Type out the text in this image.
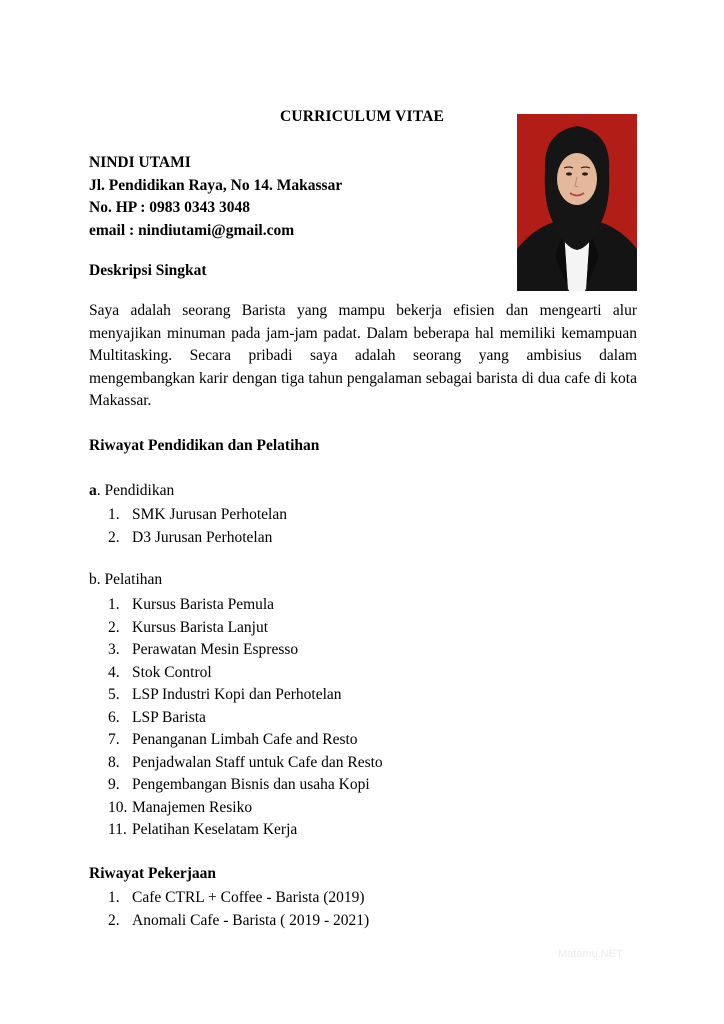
CURRICULUM VITAE
NINDI UTAMI
Jl. Pendidikan Raya, No 14. Makassar
No. HP : 0983 0343 3048
email : nindiutami@gmail.com
Deskripsi Singkat
Saya adalah seorang Barista yang mampu bekerja efisien dan mengearti alur menyajikan minuman pada jam-jam padat. Dalam beberapa hal memiliki kemampuan Multitasking. Secara pribadi saya adalah seorang yang ambisius dalam mengembangkan karir dengan tiga tahun pengalaman sebagai barista di dua cafe di kota Makassar.
Riwayat Pendidikan dan Pelatihan
a. Pendidikan
1. SMK Jurusan Perhotelan
2. D3 Jurusan Perhotelan
b. Pelatihan
1. Kursus Barista Pemula
2. Kursus Barista Lanjut
3. Perawatan Mesin Espresso
4. Stok Control
5. LSP Industri Kopi dan Perhotelan
6. LSP Barista
7. Penanganan Limbah Cafe and Resto
8. Penjadwalan Staff untuk Cafe dan Resto
9. Pengembangan Bisnis dan usaha Kopi
10. Manajemen Resiko
11. Pelatihan Keselatam Kerja
Riwayat Pekerjaan
1. Cafe CTRL + Coffee - Barista (2019)
2. Anomali Cafe - Barista ( 2019 - 2021)
Matamu.NET
